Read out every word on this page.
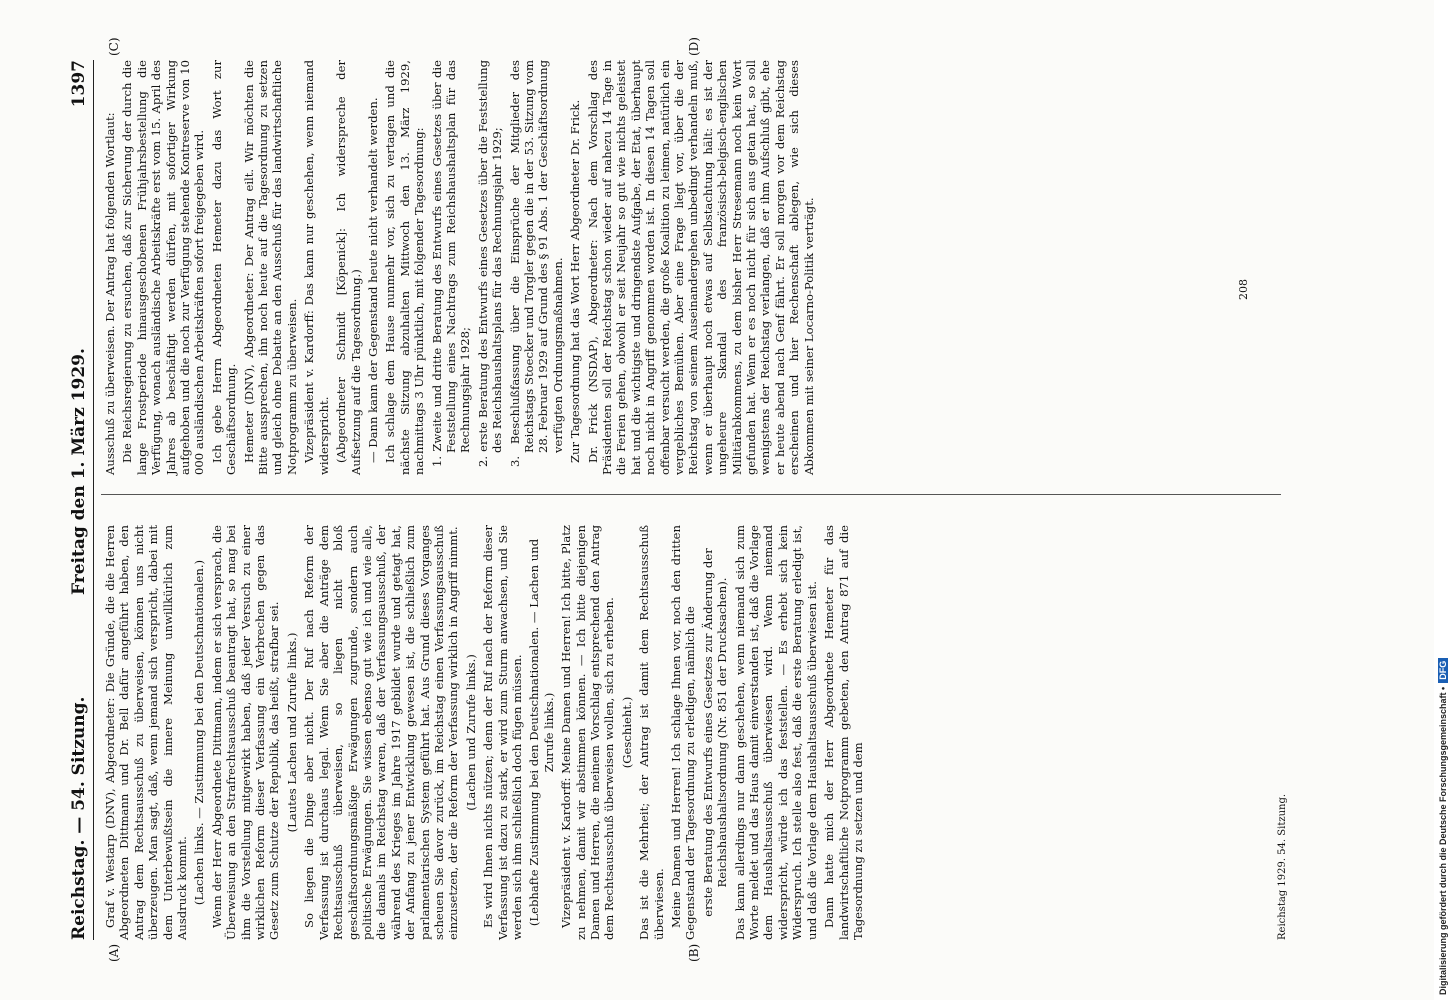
Reichstag. — 54. Sitzung.
Freitag den 1. März 1929.
1397
(A)	(B)
(C)	(D)

Graf v. Westarp (DNV), Abgeordneter: Die Gründe, die die Herren Abgeordneten Dittmann und Dr. Bell dafür angeführt haben, den Antrag dem Rechtsausschuß zu überweisen, können uns nicht überzeugen. Man sagt, daß, wenn jemand sich verspricht, dabei mit dem Unterbewußtsein die innere Meinung unwillkürlich zum Ausdruck kommt. (Lachen links. — Zustimmung bei den Deutschnationalen.) Wenn der Herr Abgeordnete Dittmann, indem er sich versprach, die Überweisung an den Strafrechtsausschuß beantragt hat, so mag bei ihm die Vorstellung mitgewirkt haben, daß jeder Versuch zu einer wirklichen Reform dieser Verfassung ein Verbrechen gegen das Gesetz zum Schutze der Republik, das heißt, strafbar sei. (Lautes Lachen und Zurufe links.) So liegen die Dinge aber nicht. Der Ruf nach Reform der Verfassung ist durchaus legal. Wenn Sie aber die Anträge dem Rechtsausschuß überweisen, so liegen nicht bloß geschäftsordnungsmäßige Erwägungen zugrunde, sondern auch politische Erwägungen. Sie wissen ebenso gut wie ich und wie alle, die damals im Reichstag waren, daß der Verfassungsausschuß, der während des Krieges im Jahre 1917 gebildet wurde und getagt hat, der Anfang zu jener Entwicklung gewesen ist, die schließlich zum parlamentarischen System geführt hat. Aus Grund dieses Vorganges scheuen Sie davor zurück, im Reichstag einen Verfassungsausschuß einzusetzen, der die Reform der Verfassung wirklich in Angriff nimmt. (Lachen und Zurufe links.) Es wird Ihnen nichts nützen; denn der Ruf nach der Reform dieser Verfassung ist dazu zu stark, er wird zum Sturm anwachsen, und Sie werden sich ihm schließlich doch fügen müssen. (Lebhafte Zustimmung bei den Deutschnationalen. — Lachen und Zurufe links.) Vizepräsident v. Kardorff: Meine Damen und Herren! Ich bitte, Platz zu nehmen, damit wir abstimmen können. — Ich bitte diejenigen Damen und Herren, die meinem Vorschlag entsprechend den Antrag dem Rechtsausschuß überweisen wollen, sich zu erheben. (Geschieht.) Das ist die Mehrheit; der Antrag ist damit dem Rechtsausschuß überwiesen. Meine Damen und Herren! Ich schlage Ihnen vor, noch den dritten Gegenstand der Tagesordnung zu erledigen, nämlich die erste Beratung des Entwurfs eines Gesetzes zur Änderung der Reichshaushaltsordnung (Nr. 851 der Drucksachen). Das kann allerdings nur dann geschehen, wenn niemand sich zum Worte meldet und das Haus damit einverstanden ist, daß die Vorlage dem Haushaltsausschuß überwiesen wird. Wenn niemand widerspricht, würde ich das feststellen. — Es erhebt sich kein Widerspruch. Ich stelle also fest, daß die erste Beratung erledigt ist, und daß die Vorlage dem Haushaltsausschuß überwiesen ist. Dann hatte mich der Herr Abgeordnete Hemeter für das landwirtschaftliche Notprogramm gebeten, den Antrag 871 auf die Tagesordnung zu setzen und dem

Ausschuß zu überweisen. Der Antrag hat folgenden Wortlaut: Die Reichsregierung zu ersuchen, daß zur Sicherung der durch die lange Frostperiode hinausgeschobenen Frühjahrsbestellung die Verfügung, wonach ausländische Arbeitskräfte erst vom 15. April des Jahres ab beschäftigt werden dürfen, mit sofortiger Wirkung aufgehoben und die noch zur Verfügung stehende Kontreserve von 10 000 ausländischen Arbeitskräften sofort freigegeben wird. Ich gebe Herrn Abgeordneten Hemeter dazu das Wort zur Geschäftsordnung. Hemeter (DNV), Abgeordneter: Der Antrag eilt. Wir möchten die Bitte aussprechen, ihn noch heute auf die Tagesordnung zu setzen und gleich ohne Debatte an den Ausschuß für das landwirtschaftliche Notprogramm zu überweisen. Vizepräsident v. Kardorff: Das kann nur geschehen, wenn niemand widerspricht. (Abgeordneter Schmidt [Köpenick]: Ich widerspreche der Aufsetzung auf die Tagesordnung.) — Dann kann der Gegenstand heute nicht verhandelt werden. Ich schlage dem Hause nunmehr vor, sich zu vertagen und die nächste Sitzung abzuhalten Mittwoch den 13. März 1929, nachmittags 3 Uhr pünktlich, mit folgender Tagesordnung: 1. Zweite und dritte Beratung des Entwurfs eines Gesetzes über die Feststellung eines Nachtrags zum Reichshaushaltsplan für das Rechnungsjahr 1928; 2. erste Beratung des Entwurfs eines Gesetzes über die Feststellung des Reichshaushaltsplans für das Rechnungsjahr 1929; 3. Beschlußfassung über die Einsprüche der Mitglieder des Reichstags Stoecker und Torgler gegen die in der 53. Sitzung vom 28. Februar 1929 auf Grund des § 91 Abs. 1 der Geschäftsordnung verfügten Ordnungsmaßnahmen. Zur Tagesordnung hat das Wort Herr Abgeordneter Dr. Frick. Dr. Frick (NSDAP), Abgeordneter: Nach dem Vorschlag des Präsidenten soll der Reichstag schon wieder auf nahezu 14 Tage in die Ferien gehen, obwohl er seit Neujahr so gut wie nichts geleistet hat und die wichtigste und dringendste Aufgabe, der Etat, überhaupt noch nicht in Angriff genommen worden ist. In diesen 14 Tagen soll offenbar versucht werden, die große Koalition zu leimen, natürlich ein vergebliches Bemühen. Aber eine Frage liegt vor, über die der Reichstag von seinem Auseinandergehen unbedingt verhandeln muß, wenn er überhaupt noch etwas auf Selbstachtung hält: es ist der ungeheure Skandal des französisch-belgisch-englischen Militärabkommens, zu dem bisher Herr Stresemann noch kein Wort gefunden hat. Wenn er es noch nicht für sich aus getan hat, so soll wenigstens der Reichstag verlangen, daß er ihm Aufschluß gibt, ehe er heute abend nach Genf fährt. Er soll morgen vor dem Reichstag erscheinen und hier Rechenschaft ablegen, wie sich dieses Abkommen mit seiner Locarno-Politik verträgt.	208
Reichstag 1929. 54. Sitzung.	Digitalisierung gefördert durch die Deutsche Forschungsgemeinschaft •DFG
